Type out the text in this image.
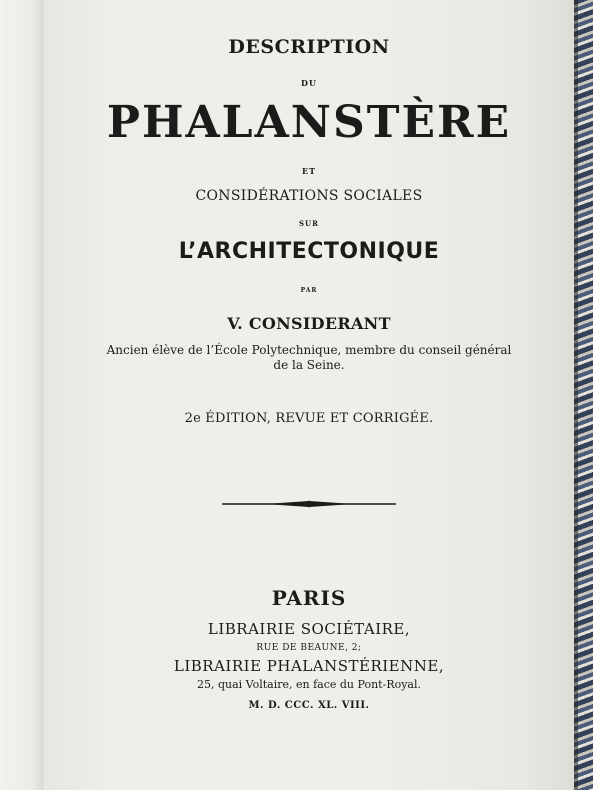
DESCRIPTION
DU
PHALANSTÈRE
ET
CONSIDÉRATIONS SOCIALES
SUR
L’ARCHITECTONIQUE
PAR
V. CONSIDERANT
Ancien élève de l’École Polytechnique, membre du conseil général
de la Seine.
2e ÉDITION, REVUE ET CORRIGÉE.
PARIS
LIBRAIRIE SOCIÉTAIRE,
RUE DE BEAUNE, 2;
LIBRAIRIE PHALANSTÉRIENNE,
25, quai Voltaire, en face du Pont-Royal.
M. D. CCC. XL. VIII.
